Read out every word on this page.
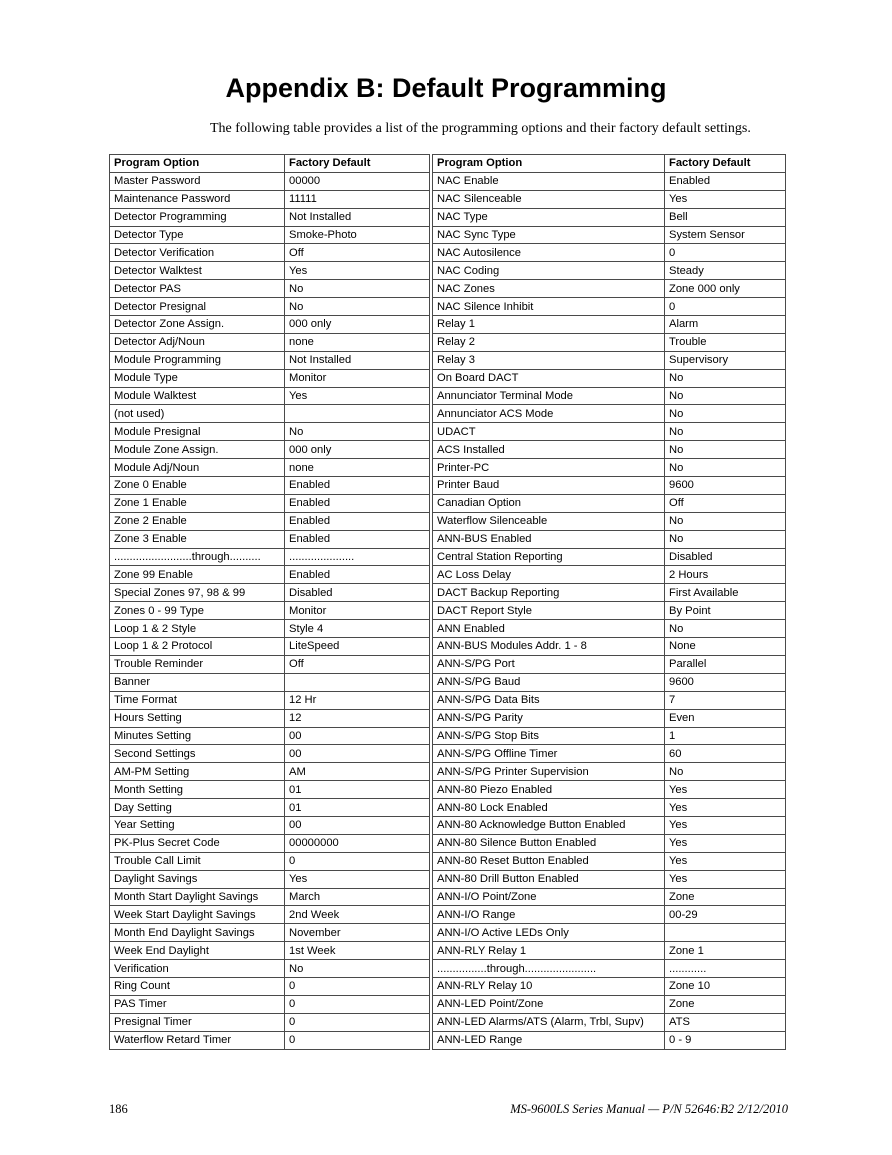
Appendix B: Default Programming
The following table provides a list of the programming options and their factory default settings.
Program Option	Factory Default
Master Password	00000
Maintenance Password	11111
Detector Programming	Not Installed
Detector Type	Smoke-Photo
Detector Verification	Off
Detector Walktest	Yes
Detector PAS	No
Detector Presignal	No
Detector Zone Assign.	000 only
Detector Adj/Noun	none
Module Programming	Not Installed
Module Type	Monitor
Module Walktest	Yes
(not used)	
Module Presignal	No
Module Zone Assign.	000 only
Module Adj/Noun	none
Zone 0 Enable	Enabled
Zone 1 Enable	Enabled
Zone 2 Enable	Enabled
Zone 3 Enable	Enabled
.........................through..........	.....................
Zone 99 Enable	Enabled
Special Zones 97, 98 & 99	Disabled
Zones 0 - 99 Type	Monitor
Loop 1 & 2 Style	Style 4
Loop 1 & 2 Protocol	LiteSpeed
Trouble Reminder	Off
Banner	
Time Format	12 Hr
Hours Setting	12
Minutes Setting	00
Second Settings	00
AM-PM Setting	AM
Month Setting	01
Day Setting	01
Year Setting	00
PK-Plus Secret Code	00000000
Trouble Call Limit	0
Daylight Savings	Yes
Month Start Daylight Savings	March
Week Start Daylight Savings	2nd Week
Month End Daylight Savings	November
Week End Daylight	1st Week
Verification	No
Ring Count	0
PAS Timer	0
Presignal Timer	0
Waterflow Retard Timer	0
Program Option	Factory Default
NAC Enable	Enabled
NAC Silenceable	Yes
NAC Type	Bell
NAC Sync Type	System Sensor
NAC Autosilence	0
NAC Coding	Steady
NAC Zones	Zone 000 only
NAC Silence Inhibit	0
Relay 1	Alarm
Relay 2	Trouble
Relay 3	Supervisory
On Board DACT	No
Annunciator Terminal Mode	No
Annunciator ACS Mode	No
UDACT	No
ACS Installed	No
Printer-PC	No
Printer Baud	9600
Canadian Option	Off
Waterflow Silenceable	No
ANN-BUS Enabled	No
Central Station Reporting	Disabled
AC Loss Delay	2 Hours
DACT Backup Reporting	First Available
DACT Report Style	By Point
ANN Enabled	No
ANN-BUS Modules Addr. 1 - 8	None
ANN-S/PG Port	Parallel
ANN-S/PG Baud	9600
ANN-S/PG Data Bits	7
ANN-S/PG Parity	Even
ANN-S/PG Stop Bits	1
ANN-S/PG Offline Timer	60
ANN-S/PG Printer Supervision	No
ANN-80 Piezo Enabled	Yes
ANN-80 Lock Enabled	Yes
ANN-80 Acknowledge Button Enabled	Yes
ANN-80 Silence Button Enabled	Yes
ANN-80 Reset Button Enabled	Yes
ANN-80 Drill Button Enabled	Yes
ANN-I/O Point/Zone	Zone
ANN-I/O Range	00-29
ANN-I/O Active LEDs Only	
ANN-RLY Relay 1	Zone 1
................through.......................	............
ANN-RLY Relay 10	Zone 10
ANN-LED Point/Zone	Zone
ANN-LED Alarms/ATS (Alarm, Trbl, Supv)	ATS
ANN-LED Range	0 - 9
186	MS-9600LS Series Manual — P/N 52646:B2 2/12/2010
